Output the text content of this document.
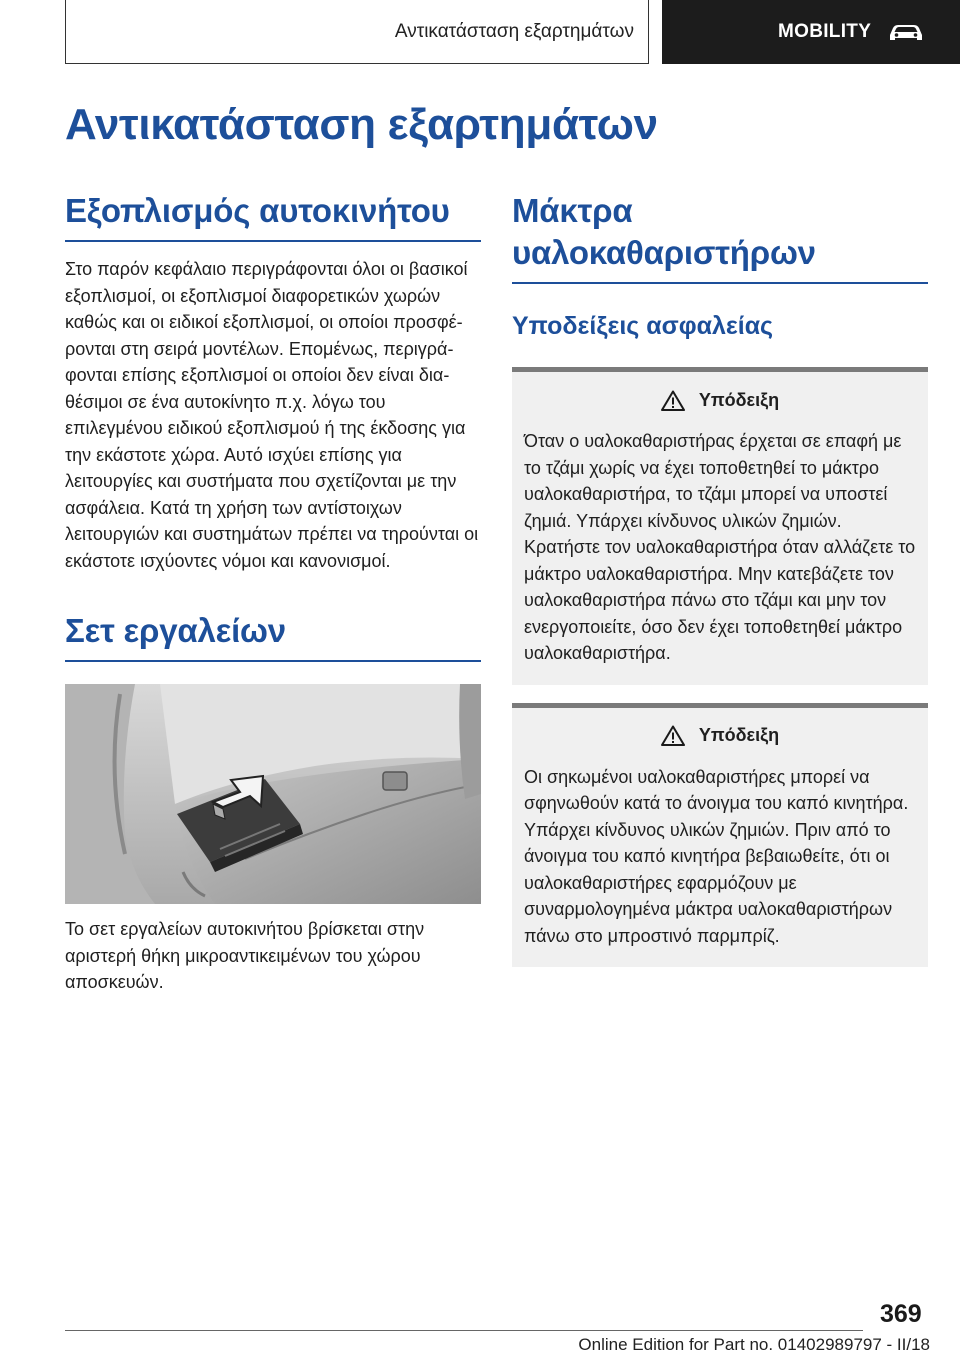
Αντικατάσταση εξαρτημάτων	MOBILITY
Αντικατάσταση εξαρτημάτων
Εξοπλισμός αυτοκινήτου

Στο παρόν κεφάλαιο περιγράφονται όλοι οι βασικοί εξοπλισμοί, οι εξοπλισμοί διαφορετικών χωρών καθώς και οι ειδικοί εξοπλισμοί, οι οποίοι προσφέρονται στη σειρά μοντέλων. Επομένως, περιγράφονται επίσης εξοπλισμοί οι οποίοι δεν είναι διαθέσιμοι σε ένα αυτοκίνητο π.χ. λόγω του επιλεγμένου ειδικού εξοπλισμού ή της έκδοσης για την εκάστοτε χώρα. Αυτό ισχύει επίσης για λειτουργίες και συστήματα που σχετίζονται με την ασφάλεια. Κατά τη χρήση των αντίστοιχων λειτουργιών και συστημάτων πρέπει να τηρούνται οι εκάστοτε ισχύοντες νόμοι και κανονισμοί.

Σετ εργαλείων

Το σετ εργαλείων αυτοκινήτου βρίσκεται στην αριστερή θήκη μικροαντικειμένων του χώρου αποσκευών.

Μάκτρα υαλοκαθαριστήρων
Υποδείξεις ασφαλείας
Υπόδειξη

Όταν ο υαλοκαθαριστήρας έρχεται σε επαφή με το τζάμι χωρίς να έχει τοποθετηθεί το μάκτρο υαλοκαθαριστήρα, το τζάμι μπορεί να υποστεί ζημιά. Υπάρχει κίνδυνος υλικών ζημιών. Κρατήστε τον υαλοκαθαριστήρα όταν αλλάζετε το μάκτρο υαλοκαθαριστήρα. Μην κατεβάζετε τον υαλοκαθαριστήρα πάνω στο τζάμι και μην τον ενεργοποιείτε, όσο δεν έχει τοποθετηθεί μάκτρο υαλοκαθαριστήρα.

Υπόδειξη

Οι σηκωμένοι υαλοκαθαριστήρες μπορεί να σφηνωθούν κατά το άνοιγμα του καπό κινητήρα. Υπάρχει κίνδυνος υλικών ζημιών. Πριν από το άνοιγμα του καπό κινητήρα βεβαιωθείτε, ότι οι υαλοκαθαριστήρες εφαρμόζουν με συναρμολογημένα μάκτρα υαλοκαθαριστήρων πάνω στο μπροστινό παρμπρίζ.

369
Online Edition for Part no. 01402989797 - II/18
